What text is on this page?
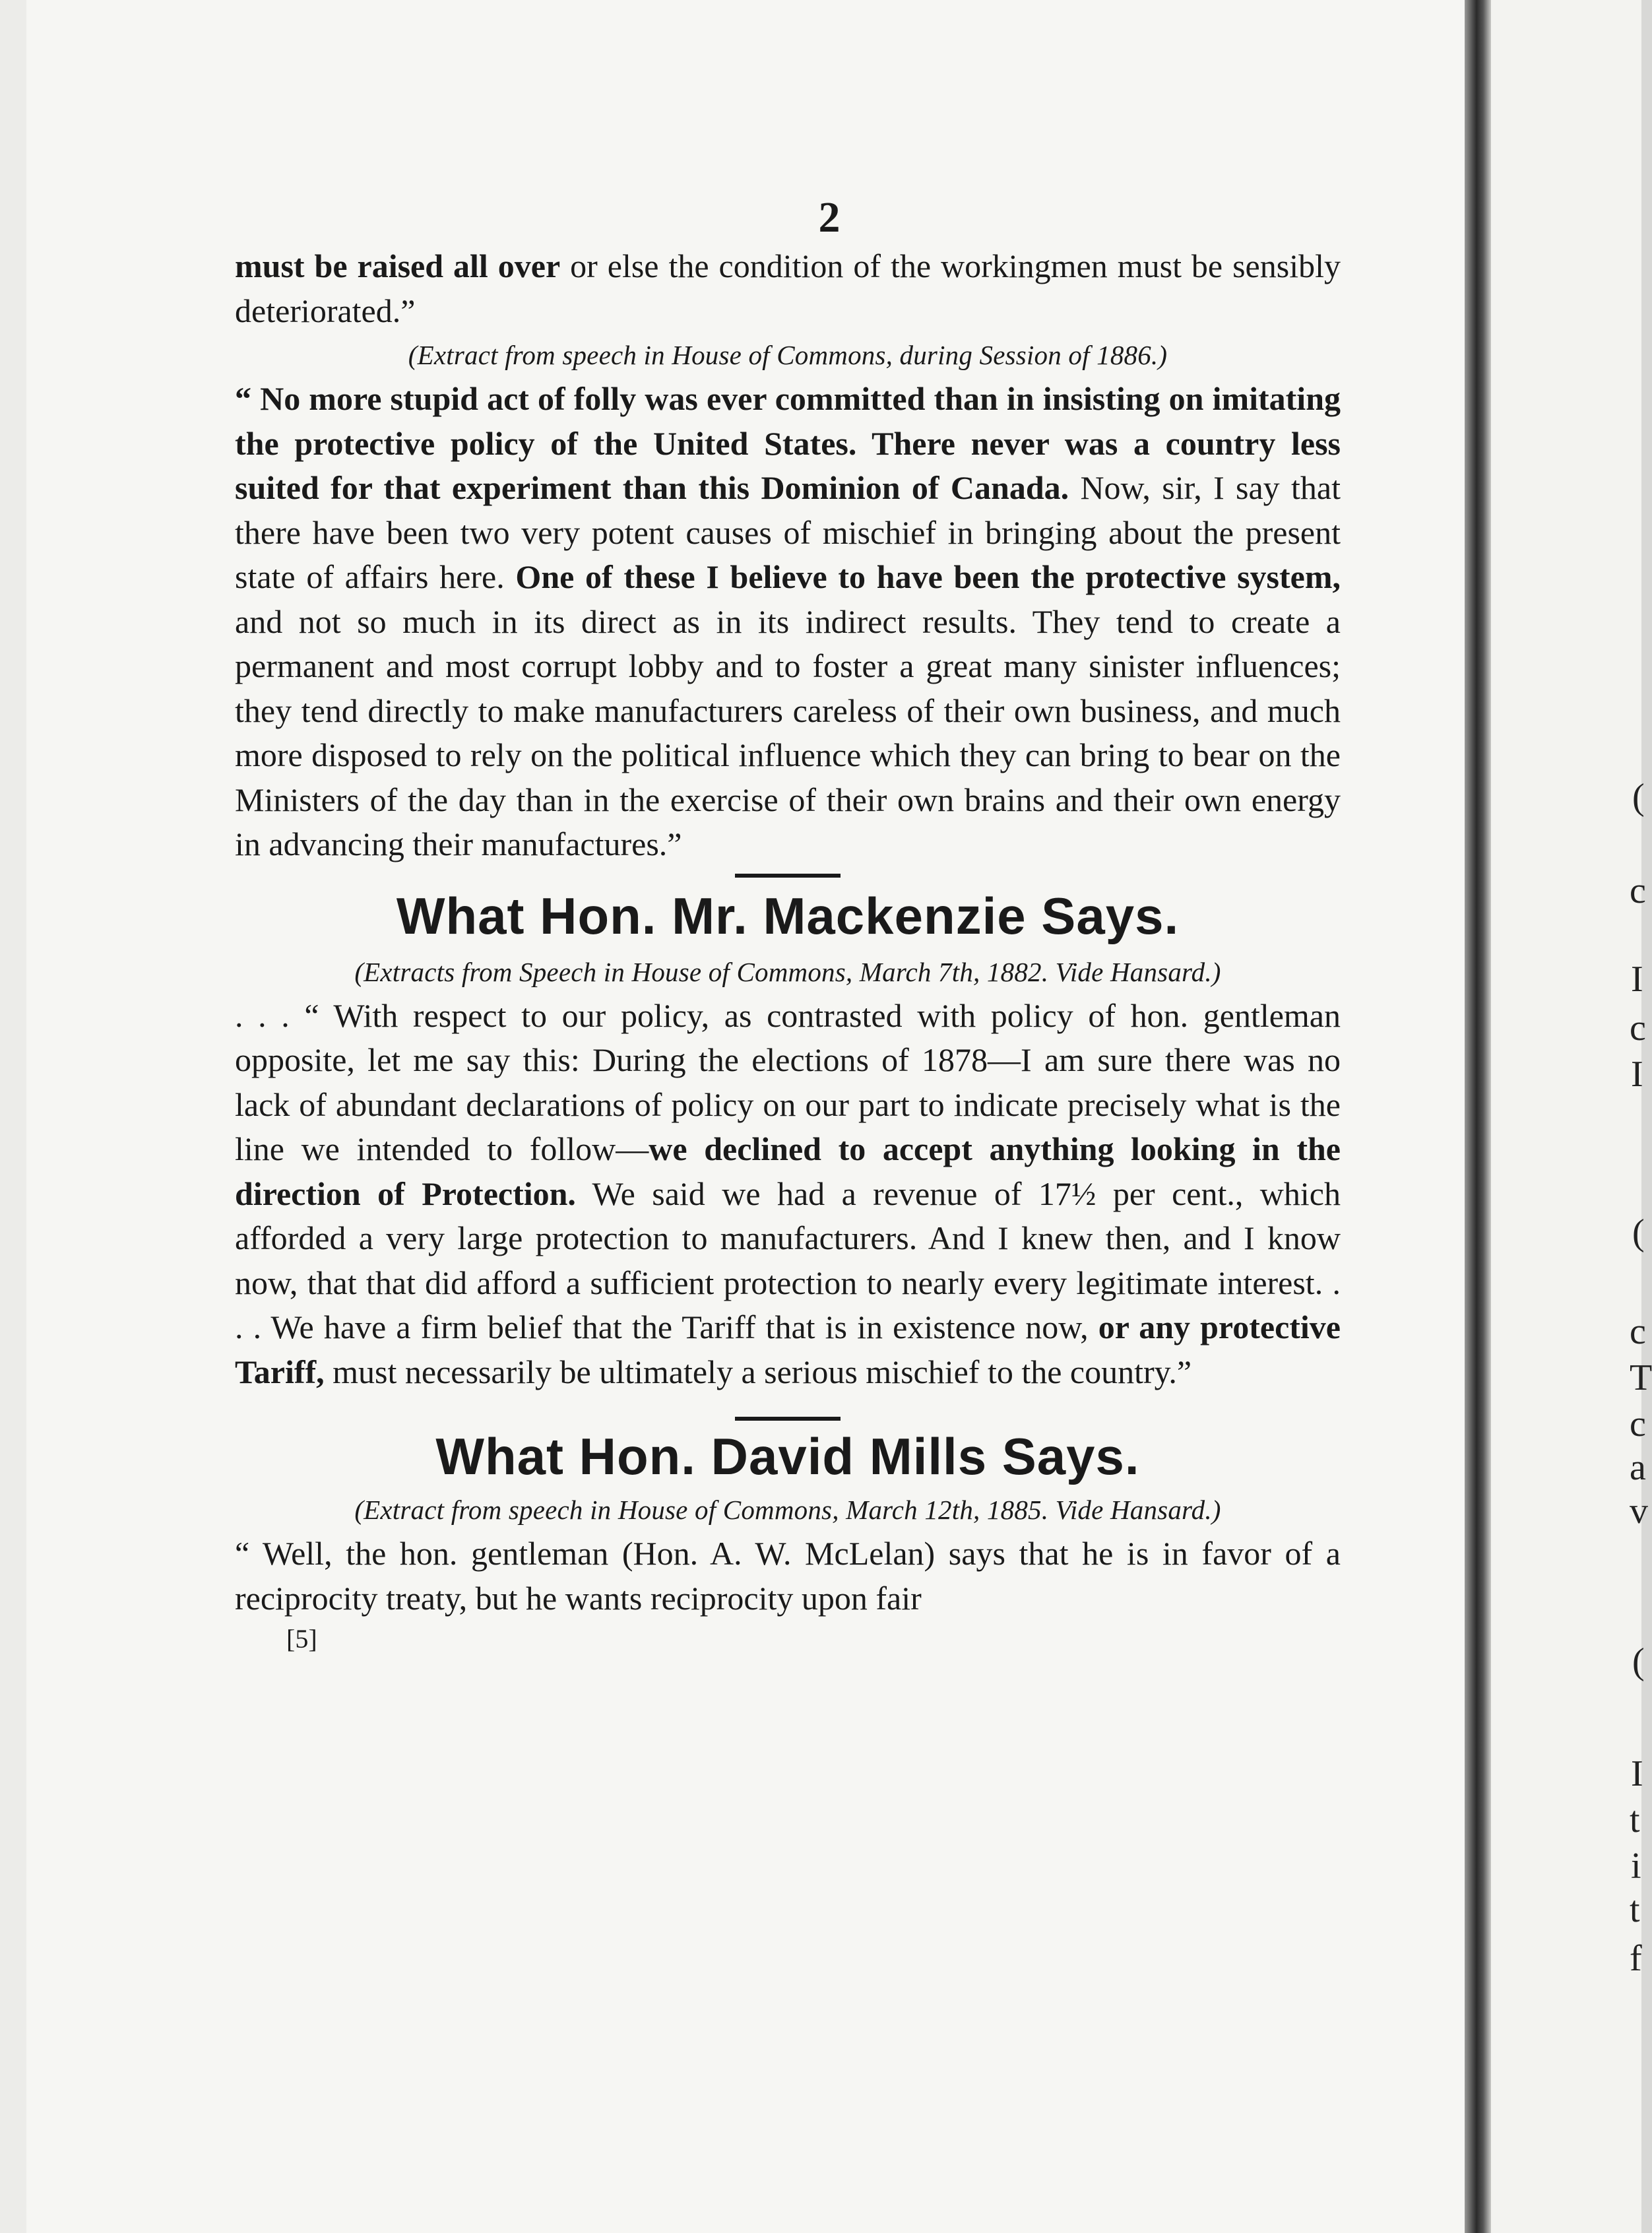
(
c
I
c
I
(
c
T
c
a
v
(
I
t
i
t
f
2

must be raised all over or else the condition of the workingmen must be sensibly deteriorated.”

(Extract from speech in House of Commons, during Session of 1886.)

“ No more stupid act of folly was ever committed than in insisting on imitating the protective policy of the United States. There never was a country less suited for that experiment than this Dominion of Canada. Now, sir, I say that there have been two very potent causes of mischief in bringing about the present state of affairs here. One of these I believe to have been the protective system, and not so much in its direct as in its indirect results. They tend to create a permanent and most corrupt lobby and to foster a great many sinister influences; they tend directly to make manufacturers careless of their own business, and much more disposed to rely on the political influence which they can bring to bear on the Ministers of the day than in the exercise of their own brains and their own energy in advancing their manufactures.”

What Hon. Mr. Mackenzie Says.
(Extracts from Speech in House of Commons, March 7th, 1882. Vide Hansard.)

. . . “ With respect to our policy, as contrasted with policy of hon. gentleman opposite, let me say this: During the elections of 1878—I am sure there was no lack of abundant declarations of policy on our part to indicate precisely what is the line we intended to follow—we declined to accept anything looking in the direction of Protection. We said we had a revenue of 17½ per cent., which afforded a very large protection to manufacturers. And I knew then, and I know now, that that did afford a sufficient protection to nearly every legitimate interest. . . . We have a firm belief that the Tariff that is in existence now, or any protective Tariff, must necessarily be ultimately a serious mischief to the country.”

What Hon. David Mills Says.
(Extract from speech in House of Commons, March 12th, 1885. Vide Hansard.)

“ Well, the hon. gentleman (Hon. A. W. McLelan) says that he is in favor of a reciprocity treaty, but he wants reciprocity upon fair

[5]
